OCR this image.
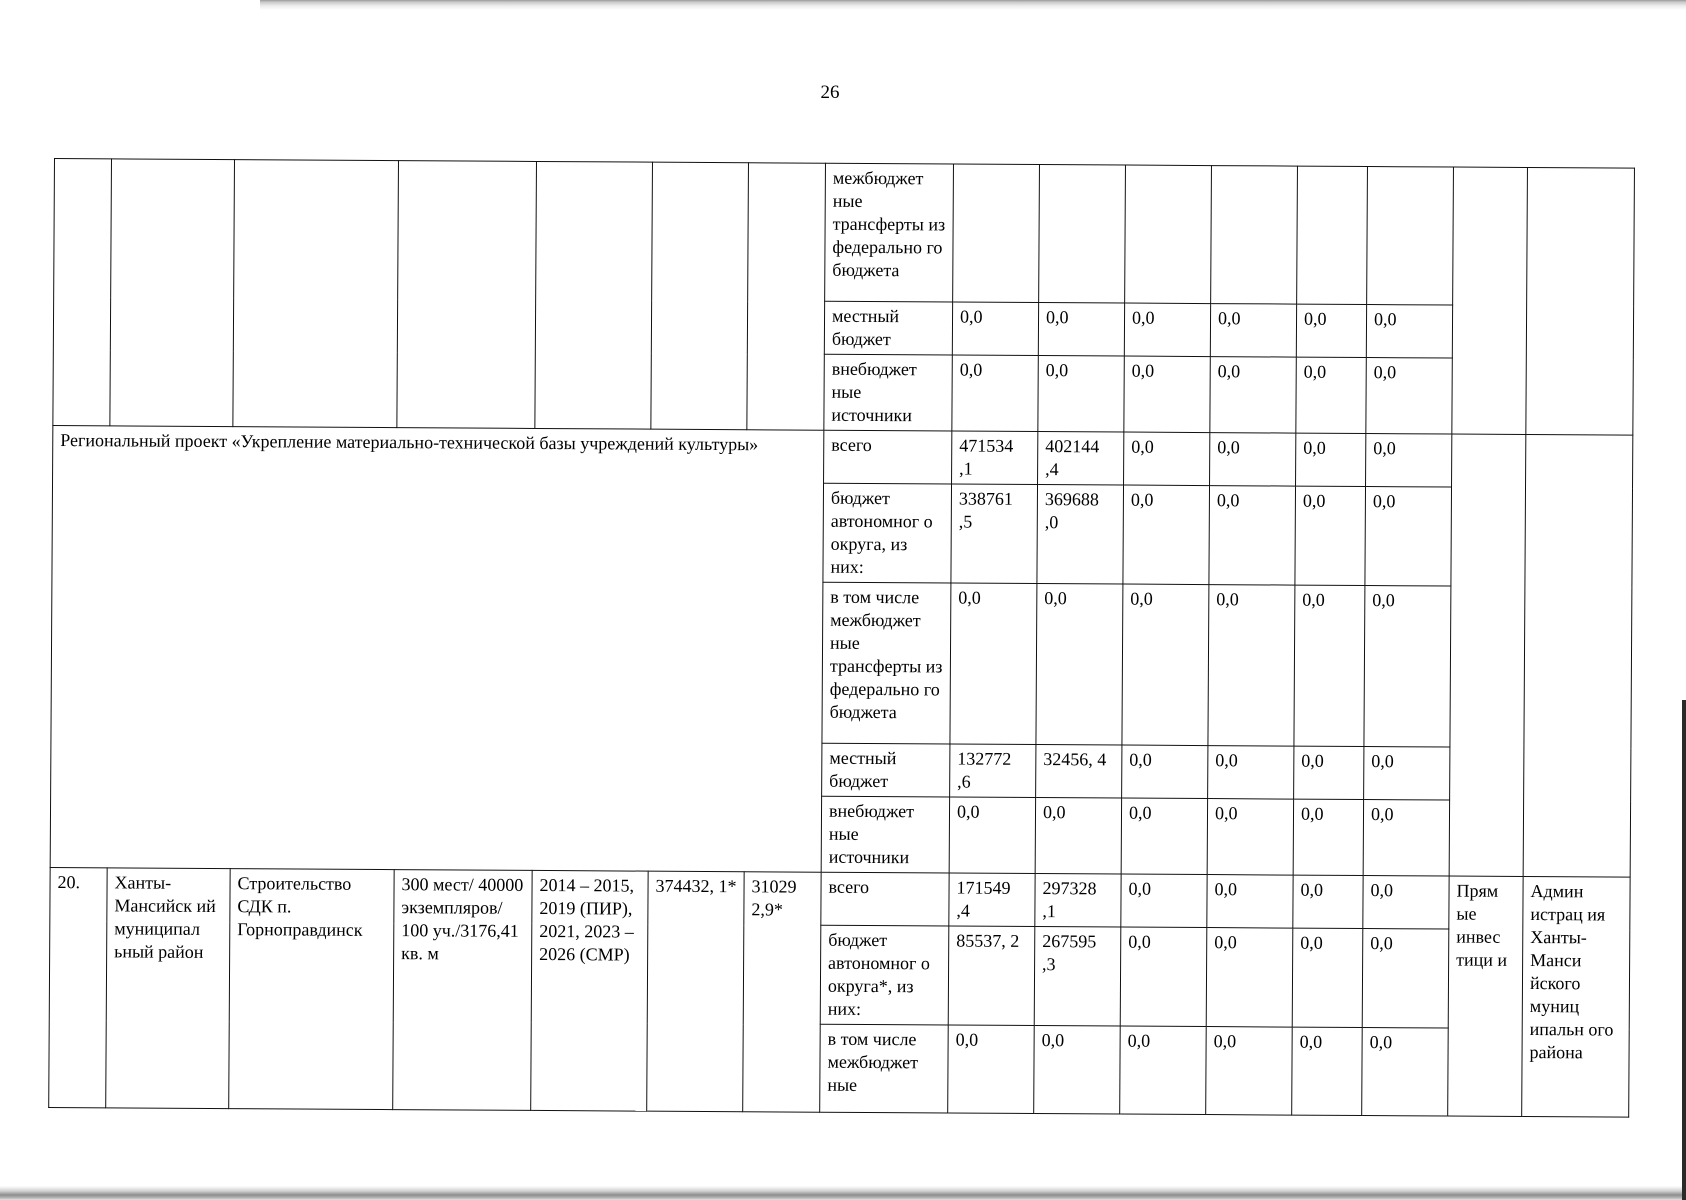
26
							межбюджет ные трансферты из федерально го бюджета								
							местный бюджет	0,0	0,0	0,0	0,0	0,0	0,0		
							внебюджет ные источники	0,0	0,0	0,0	0,0	0,0	0,0		
Региональный проект «Укрепление материально-технической базы учреждений культуры»							всего	471534 ,1	402144 ,4	0,0	0,0	0,0	0,0		
							бюджет автономног о округа, из них:	338761 ,5	369688 ,0	0,0	0,0	0,0	0,0		
							в том числе межбюджет ные трансферты из федерально го бюджета	0,0	0,0	0,0	0,0	0,0	0,0		
							местный бюджет	132772 ,6	32456, 4	0,0	0,0	0,0	0,0		
							внебюджет ные источники	0,0	0,0	0,0	0,0	0,0	0,0		
20.	Ханты-Мансийск ий муниципал ьный район	Строительство СДК п. Горноправдинск	300 мест/ 40000 экземпляров/ 100 уч./3176,41 кв. м	2014 – 2015, 2019 (ПИР), 2021, 2023 – 2026 (СМР)	374432, 1*	31029 2,9*	всего	171549 ,4	297328 ,1	0,0	0,0	0,0	0,0	Прям ые инвес тици и	Админ истрац ия Ханты-Манси йского муниц ипальн ого района
							бюджет автономног о округа*, из них:	85537, 2	267595 ,3	0,0	0,0	0,0	0,0		
							в том числе межбюджет ные	0,0	0,0	0,0	0,0	0,0	0,0		
